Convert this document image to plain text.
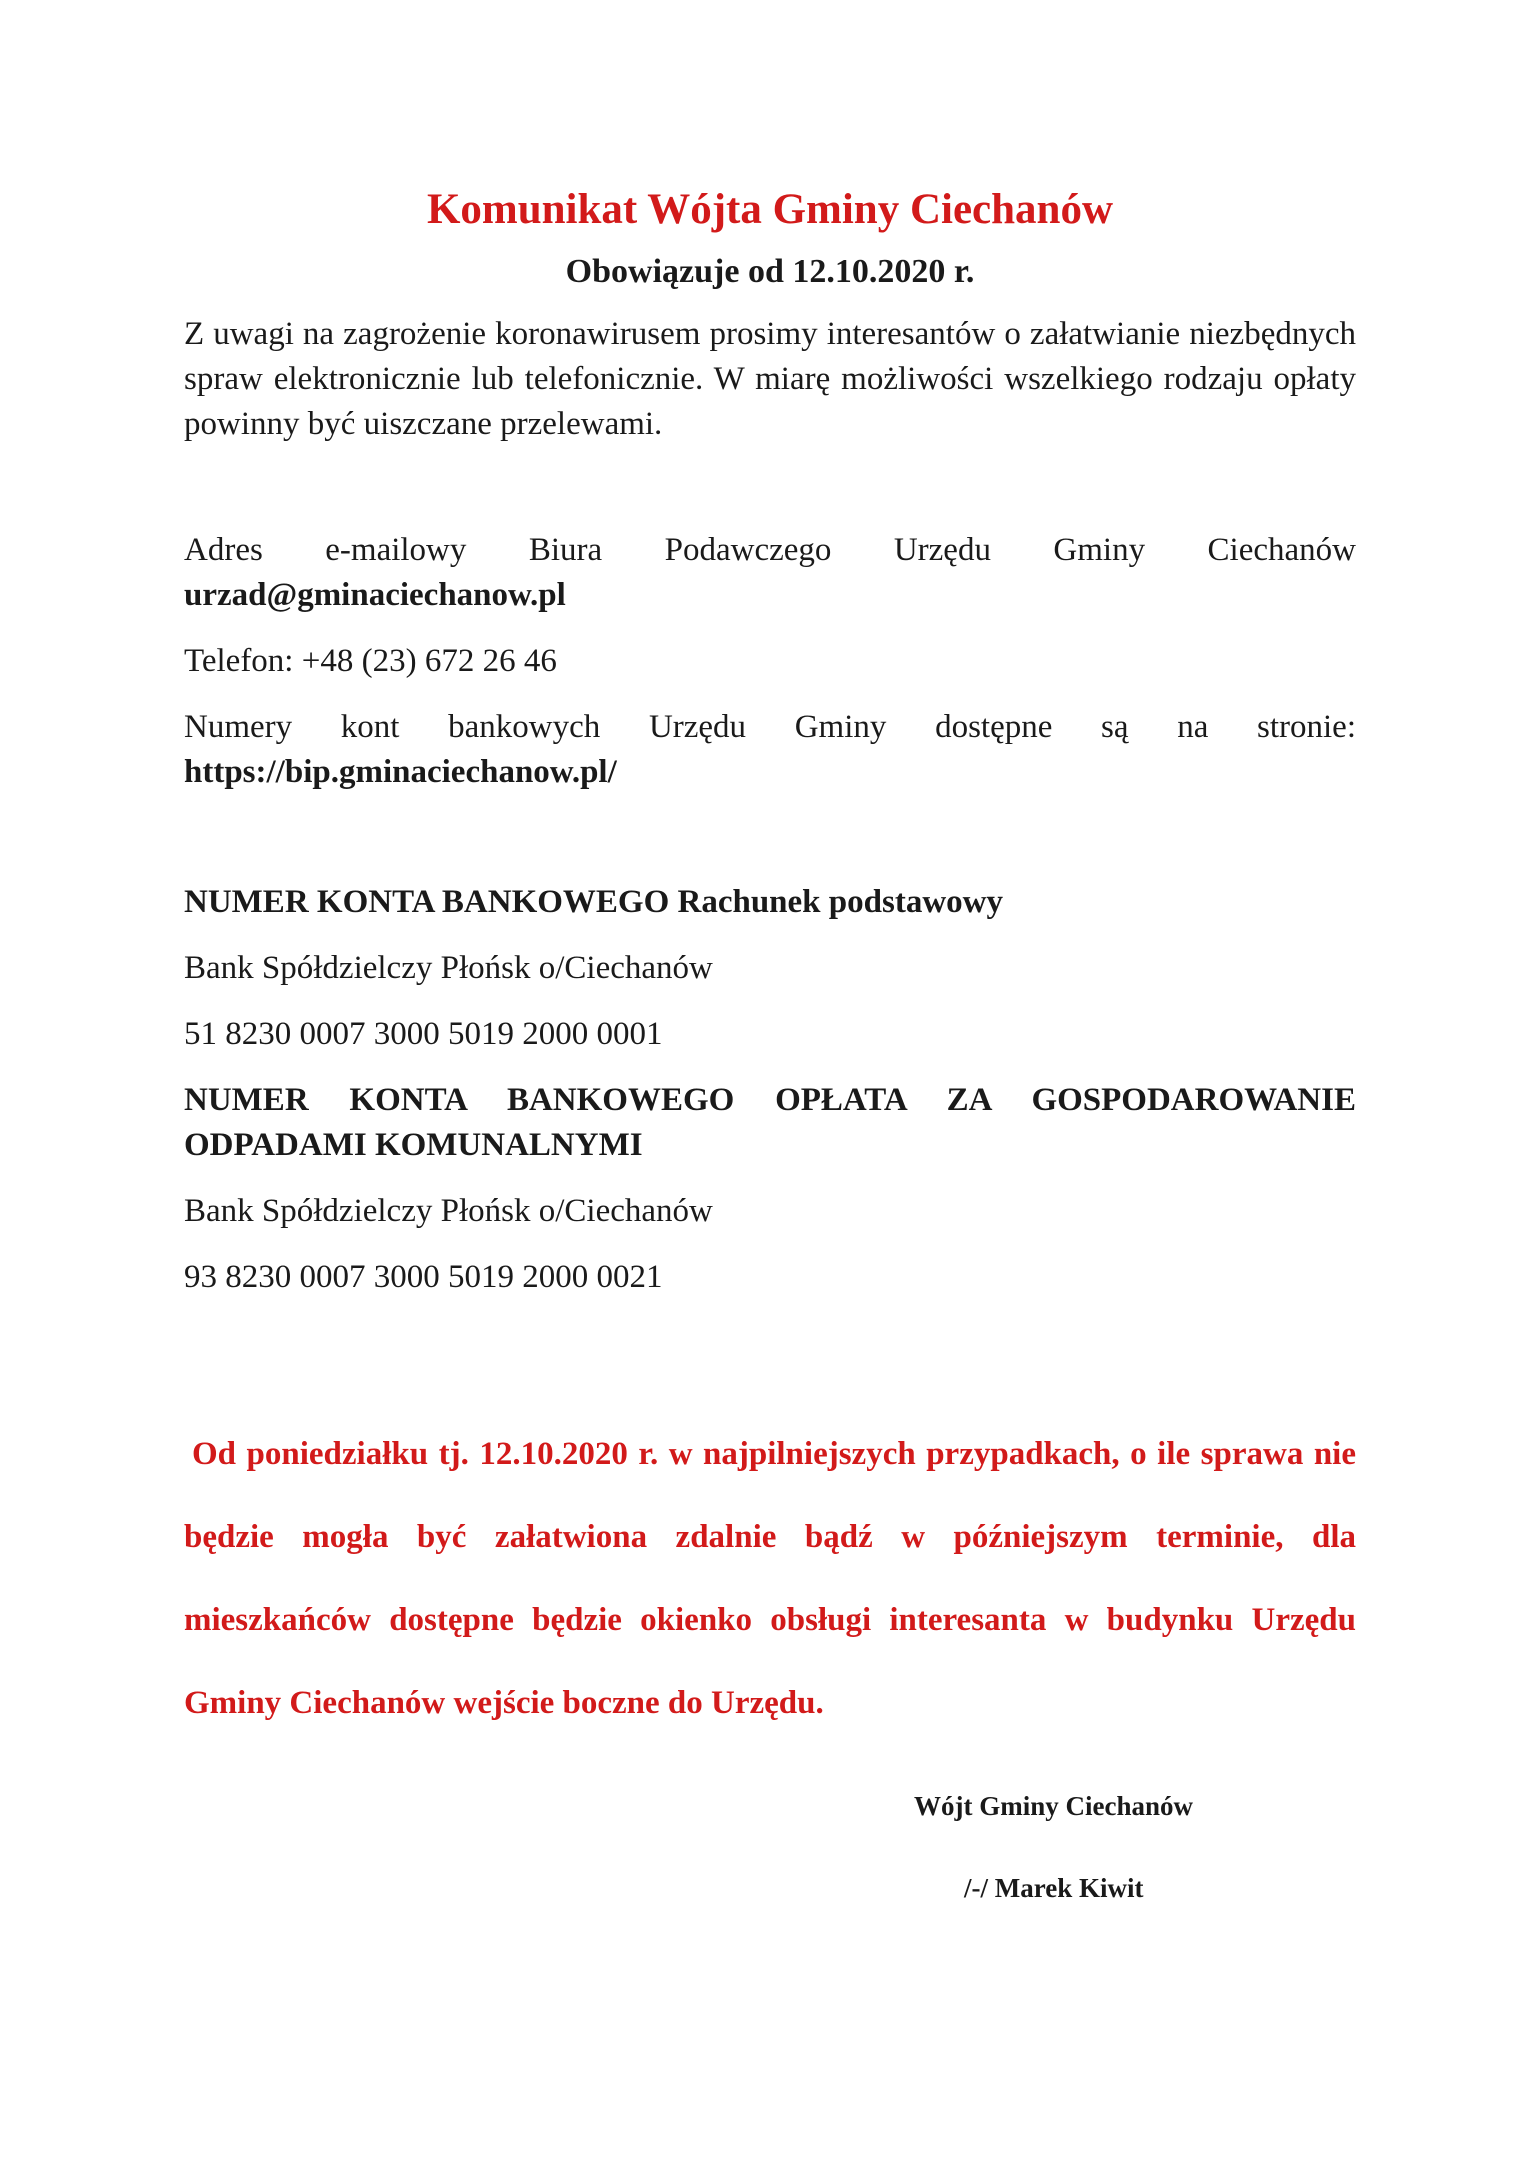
Komunikat Wójta Gminy Ciechanów

Obowiązuje od 12.10.2020 r.

Z uwagi na zagrożenie koronawirusem prosimy interesantów o załatwianie niezbędnych spraw elektronicznie lub telefonicznie. W miarę możliwości wszelkiego rodzaju opłaty powinny być uiszczane przelewami.

Adres e-mailowy Biura Podawczego Urzędu Gminy Ciechanów

urzad@gminaciechanow.pl

Telefon: +48 (23) 672 26 46

Numery kont bankowych Urzędu Gminy dostępne są na stronie:

https://bip.gminaciechanow.pl/

NUMER KONTA BANKOWEGO Rachunek podstawowy

Bank Spółdzielczy Płońsk o/Ciechanów

51 8230 0007 3000 5019 2000 0001

NUMER KONTA BANKOWEGO OPŁATA ZA GOSPODAROWANIE
ODPADAMI KOMUNALNYMI

Bank Spółdzielczy Płońsk o/Ciechanów

93 8230 0007 3000 5019 2000 0021

Od poniedziałku tj. 12.10.2020 r. w najpilniejszych przypadkach, o ile sprawa nie będzie mogła być załatwiona zdalnie bądź w późniejszym terminie, dla mieszkańców dostępne będzie okienko obsługi interesanta w budynku Urzędu Gminy Ciechanów wejście boczne do Urzędu.

Wójt Gminy Ciechanów

/-/ Marek Kiwit
